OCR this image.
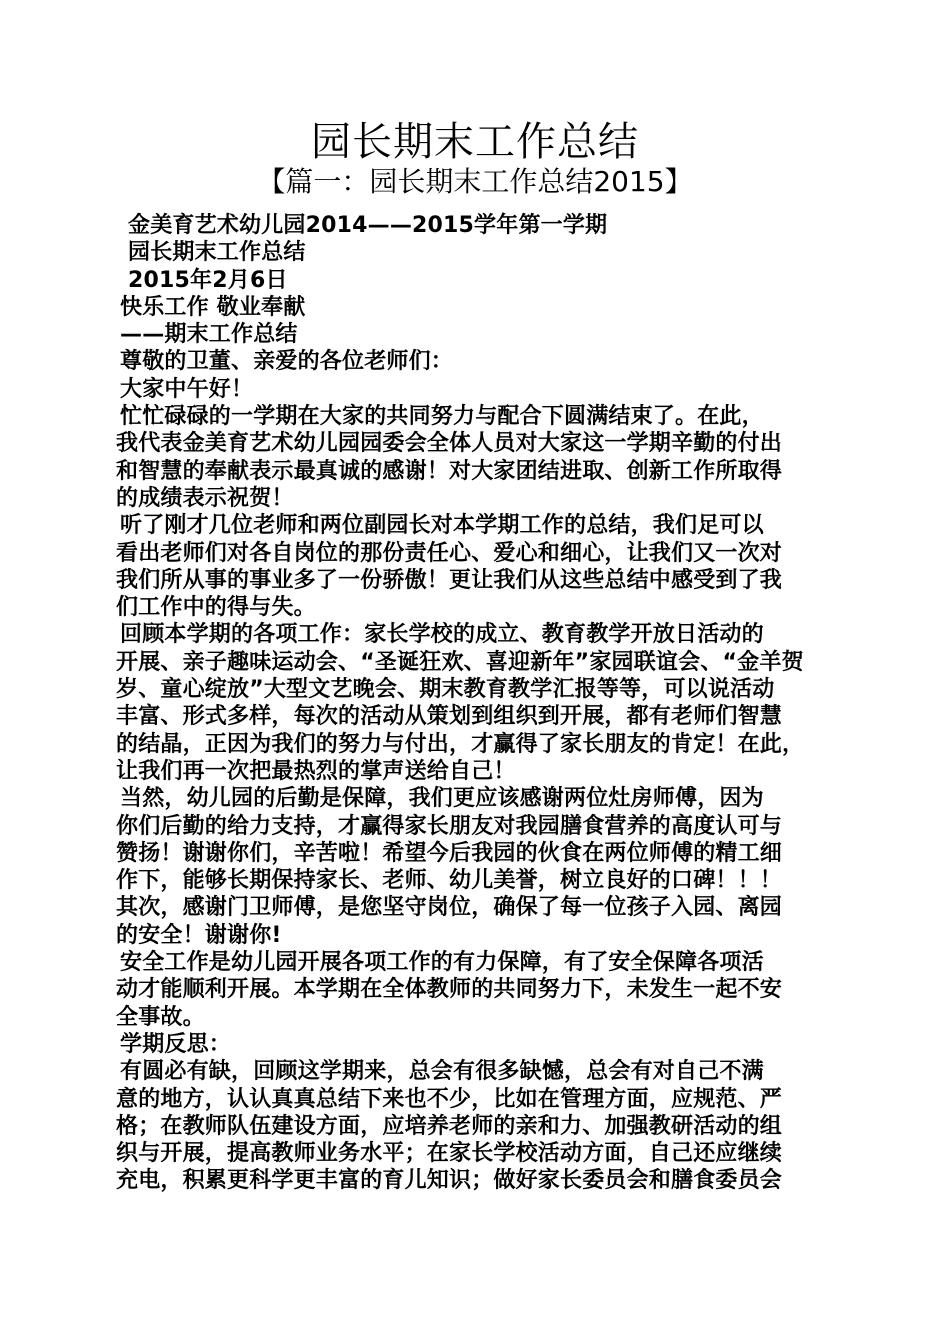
园长期末工作总结
【篇一：园长期末工作总结2015】

金美育艺术幼儿园2014——2015学年第一学期

园长期末工作总结

2015年2月6日

快乐工作 敬业奉献

——期末工作总结

尊敬的卫董、亲爱的各位老师们：

大家中午好！

忙忙碌碌的一学期在大家的共同努力与配合下圆满结束了。在此，

我代表金美育艺术幼儿园园委会全体人员对大家这一学期辛勤的付出

和智慧的奉献表示最真诚的感谢！对大家团结进取、创新工作所取得

的成绩表示祝贺！

听了刚才几位老师和两位副园长对本学期工作的总结，我们足可以

看出老师们对各自岗位的那份责任心、爱心和细心，让我们又一次对

我们所从事的事业多了一份骄傲！更让我们从这些总结中感受到了我

们工作中的得与失。

回顾本学期的各项工作：家长学校的成立、教育教学开放日活动的

开展、亲子趣味运动会、“圣诞狂欢、喜迎新年”家园联谊会、“金羊贺

岁、童心绽放”大型文艺晚会、期末教育教学汇报等等，可以说活动

丰富、形式多样，每次的活动从策划到组织到开展，都有老师们智慧

的结晶，正因为我们的努力与付出，才赢得了家长朋友的肯定！在此，

让我们再一次把最热烈的掌声送给自己！

当然，幼儿园的后勤是保障，我们更应该感谢两位灶房师傅，因为

你们后勤的给力支持，才赢得家长朋友对我园膳食营养的高度认可与

赞扬！谢谢你们，辛苦啦！希望今后我园的伙食在两位师傅的精工细

作下，能够长期保持家长、老师、幼儿美誉，树立良好的口碑！！！

其次，感谢门卫师傅，是您坚守岗位，确保了每一位孩子入园、离园

的安全！谢谢你!

安全工作是幼儿园开展各项工作的有力保障，有了安全保障各项活

动才能顺利开展。本学期在全体教师的共同努力下，未发生一起不安

全事故。

学期反思：

有圆必有缺，回顾这学期来，总会有很多缺憾，总会有对自己不满

意的地方，认认真真总结下来也不少，比如在管理方面，应规范、严

格；在教师队伍建设方面，应培养老师的亲和力、加强教研活动的组

织与开展，提高教师业务水平；在家长学校活动方面，自己还应继续

充电，积累更科学更丰富的育儿知识；做好家长委员会和膳食委员会
